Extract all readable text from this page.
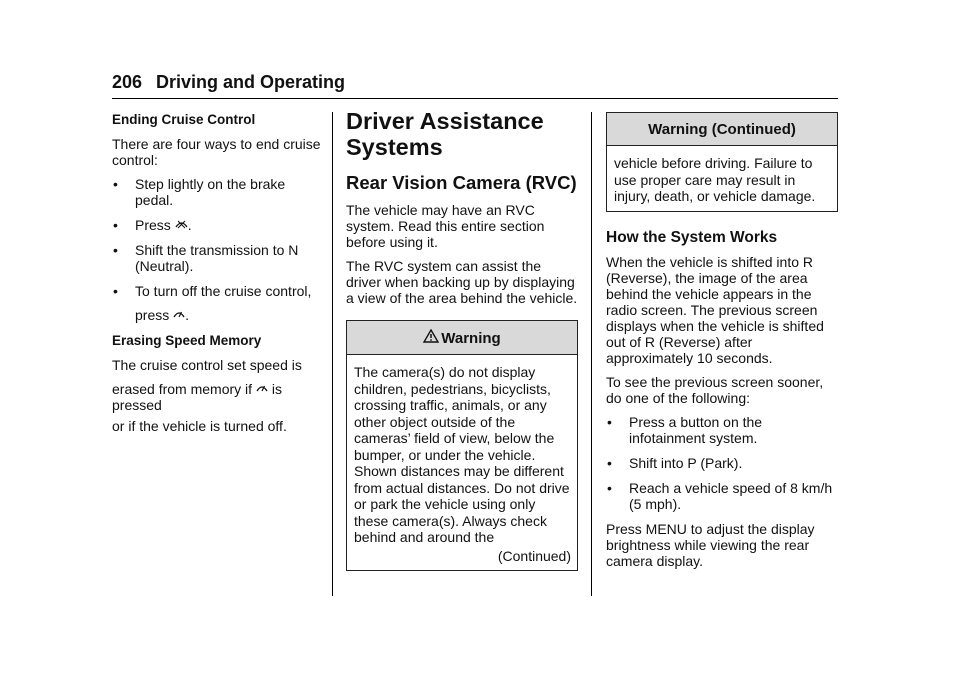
206 Driving and Operating

Ending Cruise Control

There are four ways to end cruise control:

• Step lightly on the brake pedal.
• Press .
• Shift the transmission to N (Neutral).
• To turn off the cruise control,
press .

Erasing Speed Memory

The cruise control set speed is

erased from memory if is pressed

or if the vehicle is turned off.

Driver Assistance Systems

Rear Vision Camera (RVC)

The vehicle may have an RVC system. Read this entire section before using it.

The RVC system can assist the driver when backing up by displaying a view of the area behind the vehicle.

Warning

The camera(s) do not display children, pedestrians, bicyclists, crossing traffic, animals, or any other object outside of the cameras’ field of view, below the bumper, or under the vehicle. Shown distances may be different from actual distances. Do not drive or park the vehicle using only these camera(s). Always check behind and around the

(Continued)

Warning (Continued)

vehicle before driving. Failure to use proper care may result in injury, death, or vehicle damage.

How the System Works

When the vehicle is shifted into R (Reverse), the image of the area behind the vehicle appears in the radio screen. The previous screen displays when the vehicle is shifted out of R (Reverse) after approximately 10 seconds.

To see the previous screen sooner, do one of the following:

• Press a button on the infotainment system.
• Shift into P (Park).
• Reach a vehicle speed of 8 km/h (5 mph).

Press MENU to adjust the display brightness while viewing the rear camera display.
